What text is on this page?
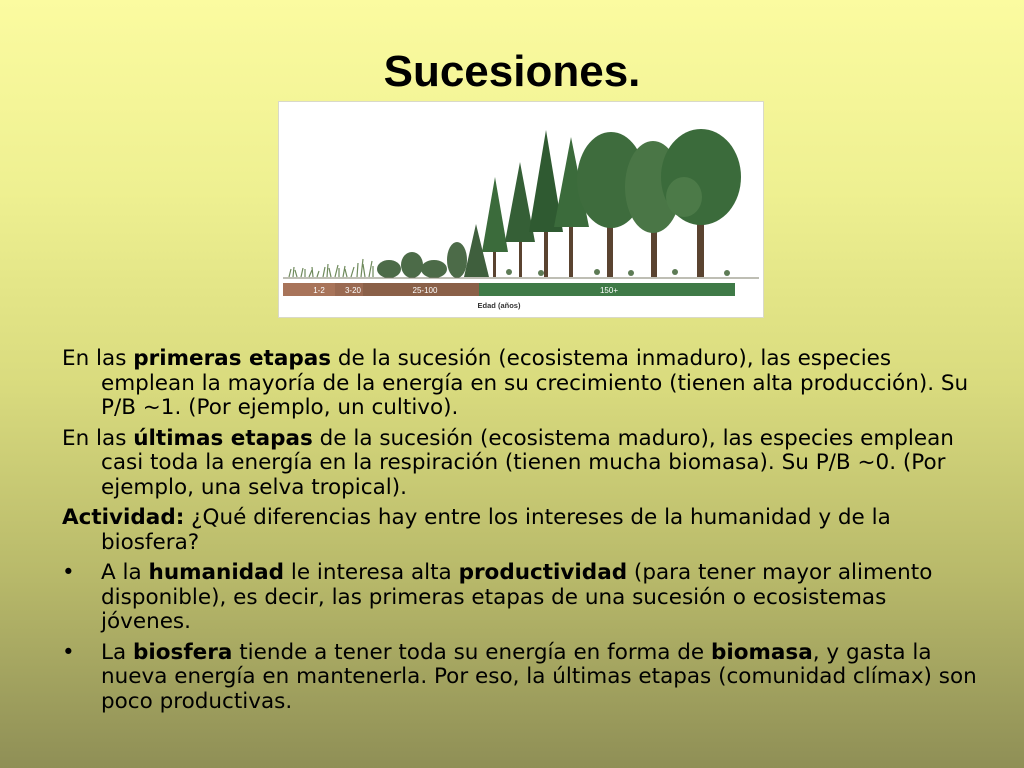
Sucesiones.
1-2	3-20	25-100	150+
Edad (años)

En las primeras etapas de la sucesión (ecosistema inmaduro), las especies emplean la mayoría de la energía en su crecimiento (tienen alta producción). Su P/B ~1. (Por ejemplo, un cultivo).

En las últimas etapas de la sucesión (ecosistema maduro), las especies emplean casi toda la energía en la respiración (tienen mucha biomasa). Su P/B ~0. (Por ejemplo, una selva tropical).

Actividad: ¿Qué diferencias hay entre los intereses de la humanidad y de la biosfera?

• A la humanidad le interesa alta productividad (para tener mayor alimento disponible), es decir, las primeras etapas de una sucesión o ecosistemas jóvenes.
• La biosfera tiende a tener toda su energía en forma de biomasa, y gasta la nueva energía en mantenerla. Por eso, la últimas etapas (comunidad clímax) son poco productivas.
